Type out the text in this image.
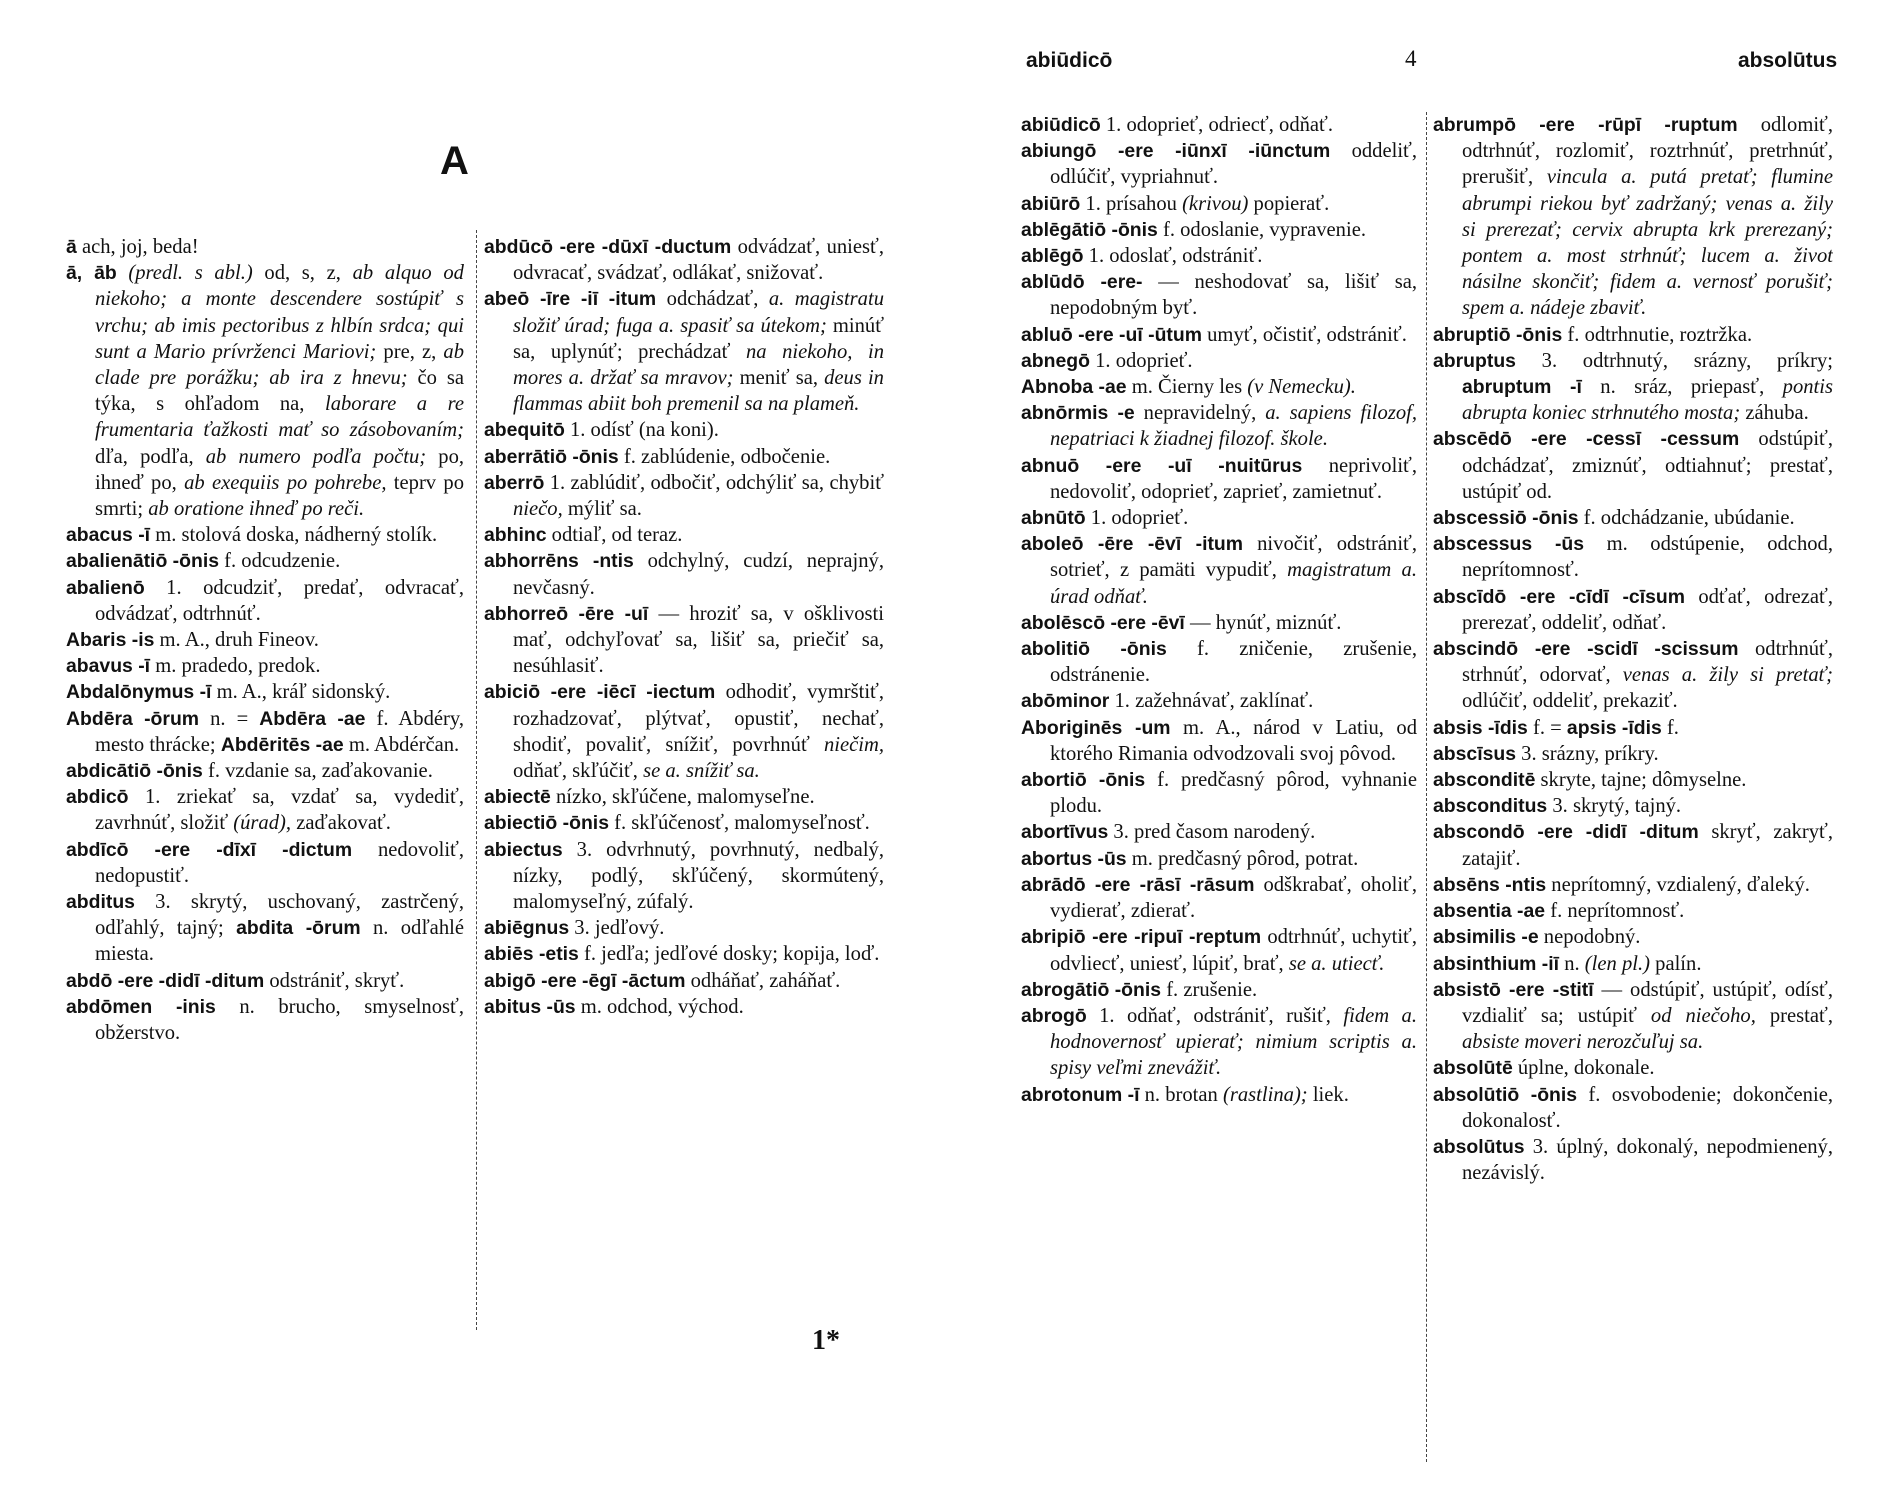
A

ā ach, joj, beda!

ā, āb (predl. s abl.) od, s, z, ab alquo od niekoho; a monte descendere sostúpiť s vrchu; ab imis pectoribus z hlbín srdca; qui sunt a Mario prívrženci Mariovi; pre, z, ab clade pre porážku; ab ira z hnevu; čo sa týka, s ohľadom na, laborare a re frumentaria ťažkosti mať so zásobovaním; dľa, podľa, ab numero podľa počtu; po, ihneď po, ab exequiis po pohrebe, teprv po smrti; ab oratione ihneď po reči.

abacus -ī m. stolová doska, nádherný stolík.

abalienātiō -ōnis f. odcudzenie.

abalienō 1. odcudziť, predať, odvracať, odvádzať, odtrhnúť.

Abaris -is m. A., druh Fineov.

abavus -ī m. pradedo, predok.

Abdalōnymus -ī m. A., kráľ sidonský.

Abdēra -ōrum n. = Abdēra -ae f. Abdéry, mesto thrácke; Abdēritēs -ae m. Abdérčan.

abdicātiō -ōnis f. vzdanie sa, zaďakovanie.

abdicō 1. zriekať sa, vzdať sa, vydediť, zavrhnúť, složiť (úrad), zaďakovať.

abdīcō -ere -dīxī -dictum nedovoliť, nedopustiť.

abditus 3. skrytý, uschovaný, zastrčený, odľahlý, tajný; abdita -ōrum n. odľahlé miesta.

abdō -ere -didī -ditum odstrániť, skryť.

abdōmen -inis n. brucho, smyselnosť, obžerstvo.

abdūcō -ere -dūxī -ductum odvádzať, uniesť, odvracať, svádzať, odlákať, snižovať.

abeō -īre -iī -itum odchádzať, a. magistratu složiť úrad; fuga a. spasiť sa útekom; minúť sa, uplynúť; prechádzať na niekoho, in mores a. držať sa mravov; meniť sa, deus in flammas abiit boh premenil sa na plameň.

abequitō 1. odísť (na koni).

aberrātiō -ōnis f. zablúdenie, odbočenie.

aberrō 1. zablúdiť, odbočiť, odchýliť sa, chybiť niečo, mýliť sa.

abhinc odtiaľ, od teraz.

abhorrēns -ntis odchylný, cudzí, neprajný, nevčasný.

abhorreō -ēre -uī — hroziť sa, v ošklivosti mať, odchyľovať sa, lišiť sa, priečiť sa, nesúhlasiť.

abiciō -ere -iēcī -iectum odhodiť, vymrštiť, rozhadzovať, plýtvať, opustiť, nechať, shodiť, povaliť, snížiť, povrhnúť niečim, odňať, skľúčiť, se a. snížiť sa.

abiectē nízko, skľúčene, malomyseľne.

abiectiō -ōnis f. skľúčenosť, malomyseľnosť.

abiectus 3. odvrhnutý, povrhnutý, nedbalý, nízky, podlý, skľúčený, skormútený, malomyseľný, zúfalý.

abiēgnus 3. jedľový.

abiēs -etis f. jedľa; jedľové dosky; kopija, loď.

abigō -ere -ēgī -āctum odháňať, zaháňať.

abitus -ūs m. odchod, východ.

1*
abiūdicō	4	absolūtus

abiūdicō 1. odoprieť, odriecť, odňať.

abiungō -ere -iūnxī -iūnctum oddeliť, odlúčiť, vypriahnuť.

abiūrō 1. prísahou (krivou) popierať.

ablēgātiō -ōnis f. odoslanie, vypravenie.

ablēgō 1. odoslať, odstrániť.

ablūdō -ere- — neshodovať sa, lišiť sa, nepodobným byť.

abluō -ere -uī -ūtum umyť, očistiť, odstrániť.

abnegō 1. odoprieť.

Abnoba -ae m. Čierny les (v Nemecku).

abnōrmis -e nepravidelný, a. sapiens filozof, nepatriaci k žiadnej filozof. škole.

abnuō -ere -uī -nuitūrus neprivoliť, nedovoliť, odoprieť, zaprieť, zamietnuť.

abnūtō 1. odoprieť.

aboleō -ēre -ēvī -itum nivočiť, odstrániť, sotrieť, z pamäti vypudiť, magistratum a. úrad odňať.

abolēscō -ere -ēvī — hynúť, miznúť.

abolitiō -ōnis f. zničenie, zrušenie, odstránenie.

abōminor 1. zažehnávať, zaklínať.

Aboriginēs -um m. A., národ v Latiu, od ktorého Rimania odvodzovali svoj pôvod.

abortiō -ōnis f. predčasný pôrod, vyhnanie plodu.

abortīvus 3. pred časom narodený.

abortus -ūs m. predčasný pôrod, potrat.

abrādō -ere -rāsī -rāsum odškrabať, oholiť, vydierať, zdierať.

abripiō -ere -ripuī -reptum odtrhnúť, uchytiť, odvliecť, uniesť, lúpiť, brať, se a. utiecť.

abrogātiō -ōnis f. zrušenie.

abrogō 1. odňať, odstrániť, rušiť, fidem a. hodnovernosť upierať; nimium scriptis a. spisy veľmi znevážiť.

abrotonum -ī n. brotan (rastlina); liek.

abrumpō -ere -rūpī -ruptum odlomiť, odtrhnúť, rozlomiť, roztrhnúť, pretrhnúť, prerušiť, vincula a. putá pretať; flumine abrumpi riekou byť zadržaný; venas a. žily si prerezať; cervix abrupta krk prerezaný; pontem a. most strhnúť; lucem a. život násilne skončiť; fidem a. vernosť porušiť; spem a. nádeje zbaviť.

abruptiō -ōnis f. odtrhnutie, roztržka.

abruptus 3. odtrhnutý, srázny, príkry; abruptum -ī n. sráz, priepasť, pontis abrupta koniec strhnutého mosta; záhuba.

abscēdō -ere -cessī -cessum odstúpiť, odchádzať, zmiznúť, odtiahnuť; prestať, ustúpiť od.

abscessiō -ōnis f. odchádzanie, ubúdanie.

abscessus -ūs m. odstúpenie, odchod, neprítomnosť.

abscīdō -ere -cīdī -cīsum odťať, odrezať, prerezať, oddeliť, odňať.

abscindō -ere -scidī -scissum odtrhnúť, strhnúť, odorvať, venas a. žily si pretať; odlúčiť, oddeliť, prekaziť.

absis -īdis f. = apsis -īdis f.

abscīsus 3. srázny, príkry.

absconditē skryte, tajne; dômyselne.

absconditus 3. skrytý, tajný.

abscondō -ere -didī -ditum skryť, zakryť, zatajiť.

absēns -ntis neprítomný, vzdialený, ďaleký.

absentia -ae f. neprítomnosť.

absimilis -e nepodobný.

absinthium -iī n. (len pl.) palín.

absistō -ere -stitī — odstúpiť, ustúpiť, odísť, vzdialiť sa; ustúpiť od niečoho, prestať, absiste moveri nerozčuľuj sa.

absolūtē úplne, dokonale.

absolūtiō -ōnis f. osvobodenie; dokončenie, dokonalosť.

absolūtus 3. úplný, dokonalý, nepodmienený, nezávislý.
